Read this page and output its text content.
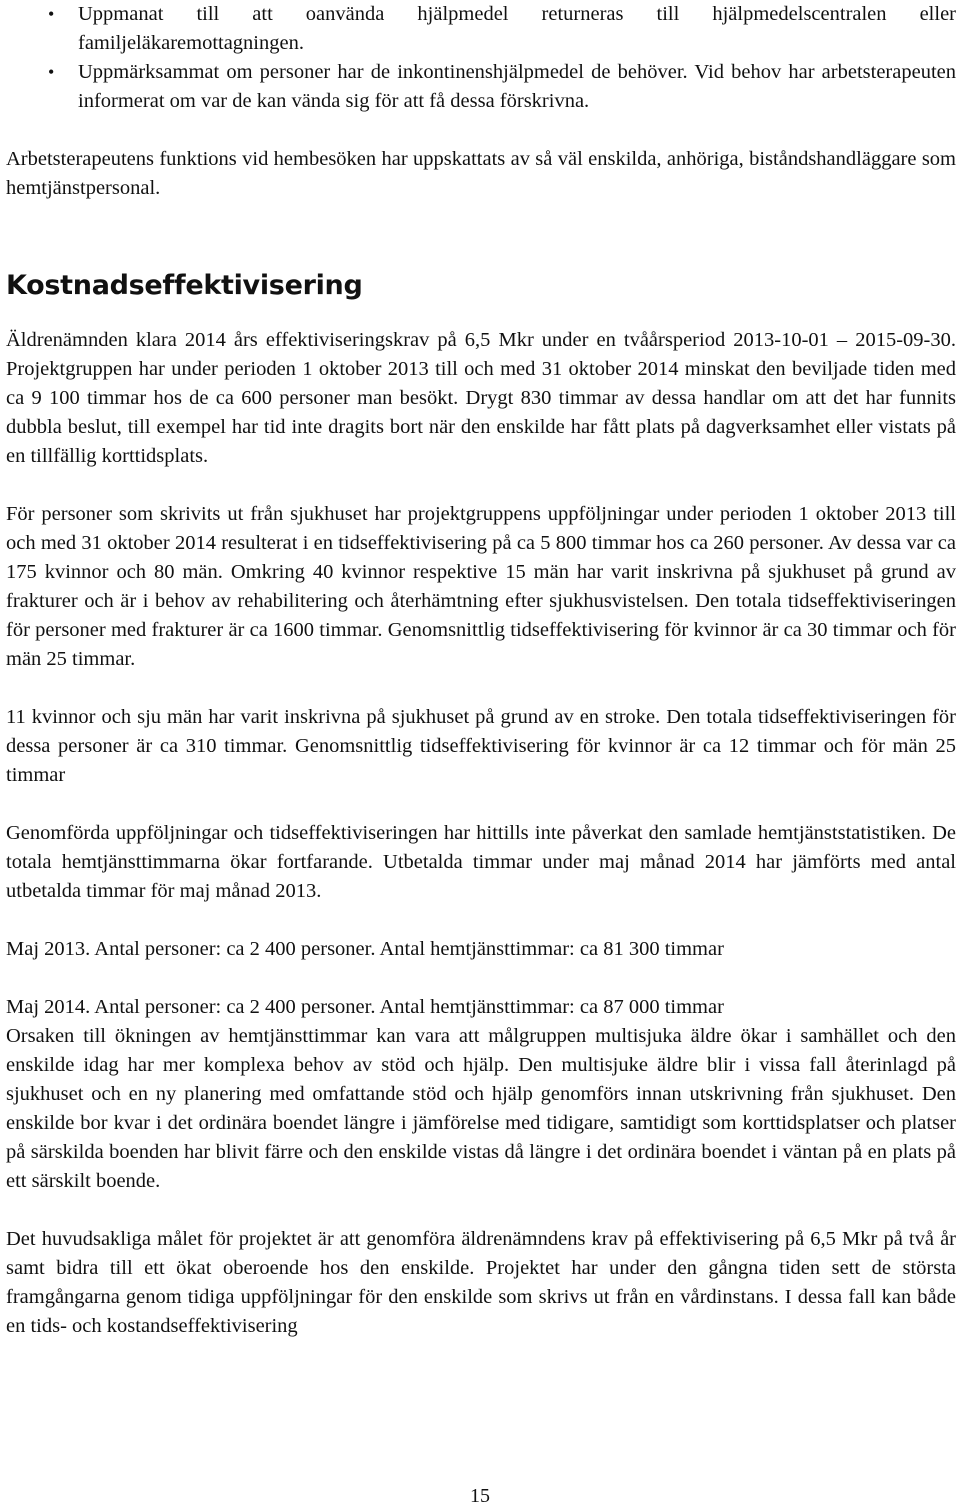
• Uppmanat till att oanvända hjälpmedel returneras till hjälpmedelscentralen eller familjeläkaremottagningen.
• Uppmärksammat om personer har de inkontinenshjälpmedel de behöver. Vid behov har arbetsterapeuten informerat om var de kan vända sig för att få dessa förskrivna.

Arbetsterapeutens funktions vid hembesöken har uppskattats av så väl enskilda, anhöriga, biståndshandläggare som hemtjänstpersonal.

Kostnadseffektivisering

Äldrenämnden klara 2014 års effektiviseringskrav på 6,5 Mkr under en tvåårsperiod 2013-10-01 – 2015-09-30. Projektgruppen har under perioden 1 oktober 2013 till och med 31 oktober 2014 minskat den beviljade tiden med ca 9 100 timmar hos de ca 600 personer man besökt. Drygt 830 timmar av dessa handlar om att det har funnits dubbla beslut, till exempel har tid inte dragits bort när den enskilde har fått plats på dagverksamhet eller vistats på en tillfällig korttidsplats.

För personer som skrivits ut från sjukhuset har projektgruppens uppföljningar under perioden 1 oktober 2013 till och med 31 oktober 2014 resulterat i en tidseffektivisering på ca 5 800 timmar hos ca 260 personer. Av dessa var ca 175 kvinnor och 80 män. Omkring 40 kvinnor respektive 15 män har varit inskrivna på sjukhuset på grund av frakturer och är i behov av rehabilitering och återhämtning efter sjukhusvistelsen. Den totala tidseffektiviseringen för personer med frakturer är ca 1600 timmar. Genomsnittlig tidseffektivisering för kvinnor är ca 30 timmar och för män 25 timmar.

11 kvinnor och sju män har varit inskrivna på sjukhuset på grund av en stroke. Den totala tidseffektiviseringen för dessa personer är ca 310 timmar. Genomsnittlig tidseffektivisering för kvinnor är ca 12 timmar och för män 25 timmar

Genomförda uppföljningar och tidseffektiviseringen har hittills inte påverkat den samlade hemtjänststatistiken. De totala hemtjänsttimmarna ökar fortfarande. Utbetalda timmar under maj månad 2014 har jämförts med antal utbetalda timmar för maj månad 2013.

Maj 2013. Antal personer: ca 2 400 personer. Antal hemtjänsttimmar: ca 81 300 timmar

Maj 2014. Antal personer: ca 2 400 personer. Antal hemtjänsttimmar: ca 87 000 timmar

Orsaken till ökningen av hemtjänsttimmar kan vara att målgruppen multisjuka äldre ökar i samhället och den enskilde idag har mer komplexa behov av stöd och hjälp. Den multisjuke äldre blir i vissa fall återinlagd på sjukhuset och en ny planering med omfattande stöd och hjälp genomförs innan utskrivning från sjukhuset. Den enskilde bor kvar i det ordinära boendet längre i jämförelse med tidigare, samtidigt som korttidsplatser och platser på särskilda boenden har blivit färre och den enskilde vistas då längre i det ordinära boendet i väntan på en plats på ett särskilt boende.

Det huvudsakliga målet för projektet är att genomföra äldrenämndens krav på effektivisering på 6,5 Mkr på två år samt bidra till ett ökat oberoende hos den enskilde. Projektet har under den gångna tiden sett de största framgångarna genom tidiga uppföljningar för den enskilde som skrivs ut från en vårdinstans. I dessa fall kan både en tids- och kostandseffektivisering

15
